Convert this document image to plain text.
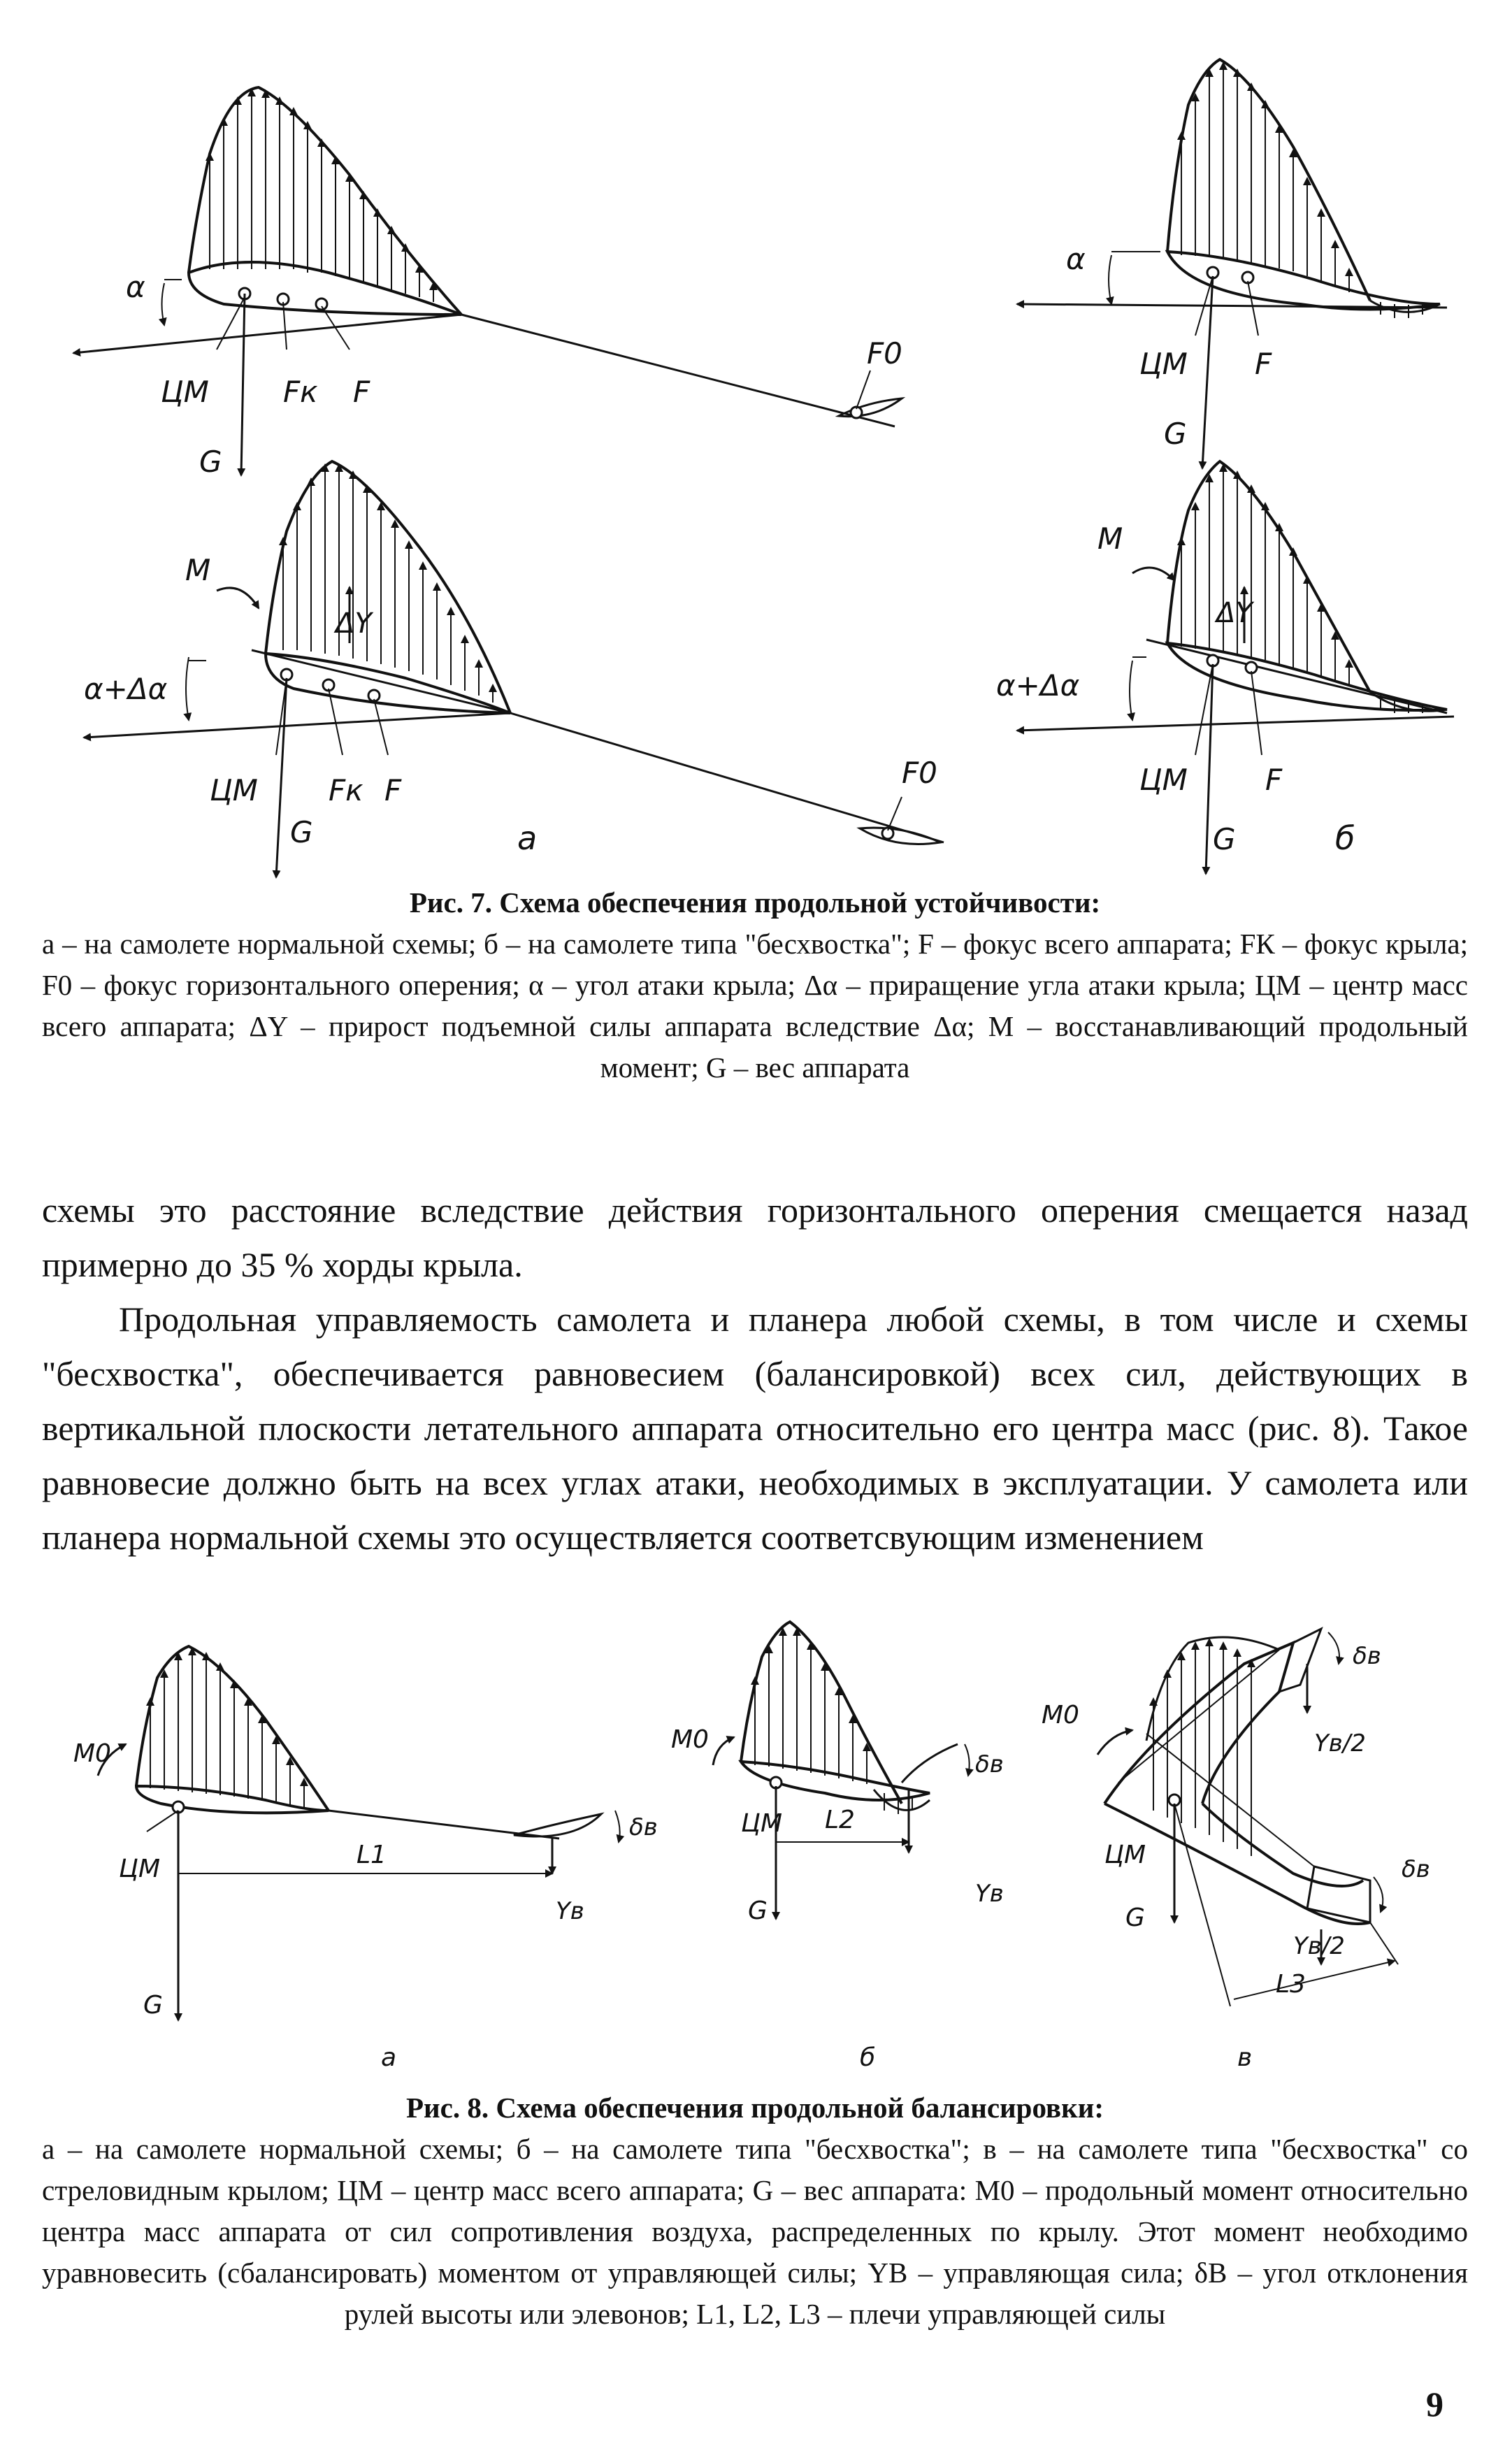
α
ЦМ	Fк F
F0
G
M
ΔY
α+Δα
ЦМ Fк F
F0
G	а
α
ЦМ F
G
M
ΔY
α+Δα
ЦМ	F
G	б
Рис. 7. Схема обеспечения продольной устойчивости:
а – на самолете нормальной схемы; б – на самолете типа "бесхвостка"; F – фокус всего аппарата; FК – фокус крыла; F0 – фокус горизонтального оперения; α – угол атаки крыла; Δα – приращение угла атаки крыла; ЦМ – центр масс всего аппарата; ΔY – прирост подъемной силы аппарата вследствие Δα; M – восстанавливающий продольный момент; G – вес аппарата

схемы это расстояние вследствие действия горизонтального оперения смещается назад примерно до 35 % хорды крыла.

Продольная управляемость самолета и планера любой схемы, в том числе и схемы "бесхвостка", обеспечивается равновесием (балансировкой) всех сил, действующих в вертикальной плоскости летательного аппарата относительно его центра масс (рис. 8). Такое равновесие должно быть на всех углах атаки, необходимых в эксплуатации. У самолета или планера нормальной схемы это осуществляется соответсвующим изменением

M0
ЦМ
G
L1
Yв
δв
а
M0
ЦМ
G
L2
Yв
δв
б
M0
ЦМ
G
L3
Yв/2
Yв/2
δв
δв
в
Рис. 8. Схема обеспечения продольной балансировки:
а – на самолете нормальной схемы; б – на самолете типа "бесхвостка"; в – на самолете типа "бесхвостка" со стреловидным крылом; ЦМ – центр масс всего аппарата; G – вес аппарата: M0 – продольный момент относительно центра масс аппарата от сил сопротивления воздуха, распределенных по крылу. Этот момент необходимо уравновесить (сбалансировать) моментом от управляющей силы; YВ – управляющая сила; δВ – угол отклонения рулей высоты или элевонов; L1, L2, L3 – плечи управляющей силы
9
